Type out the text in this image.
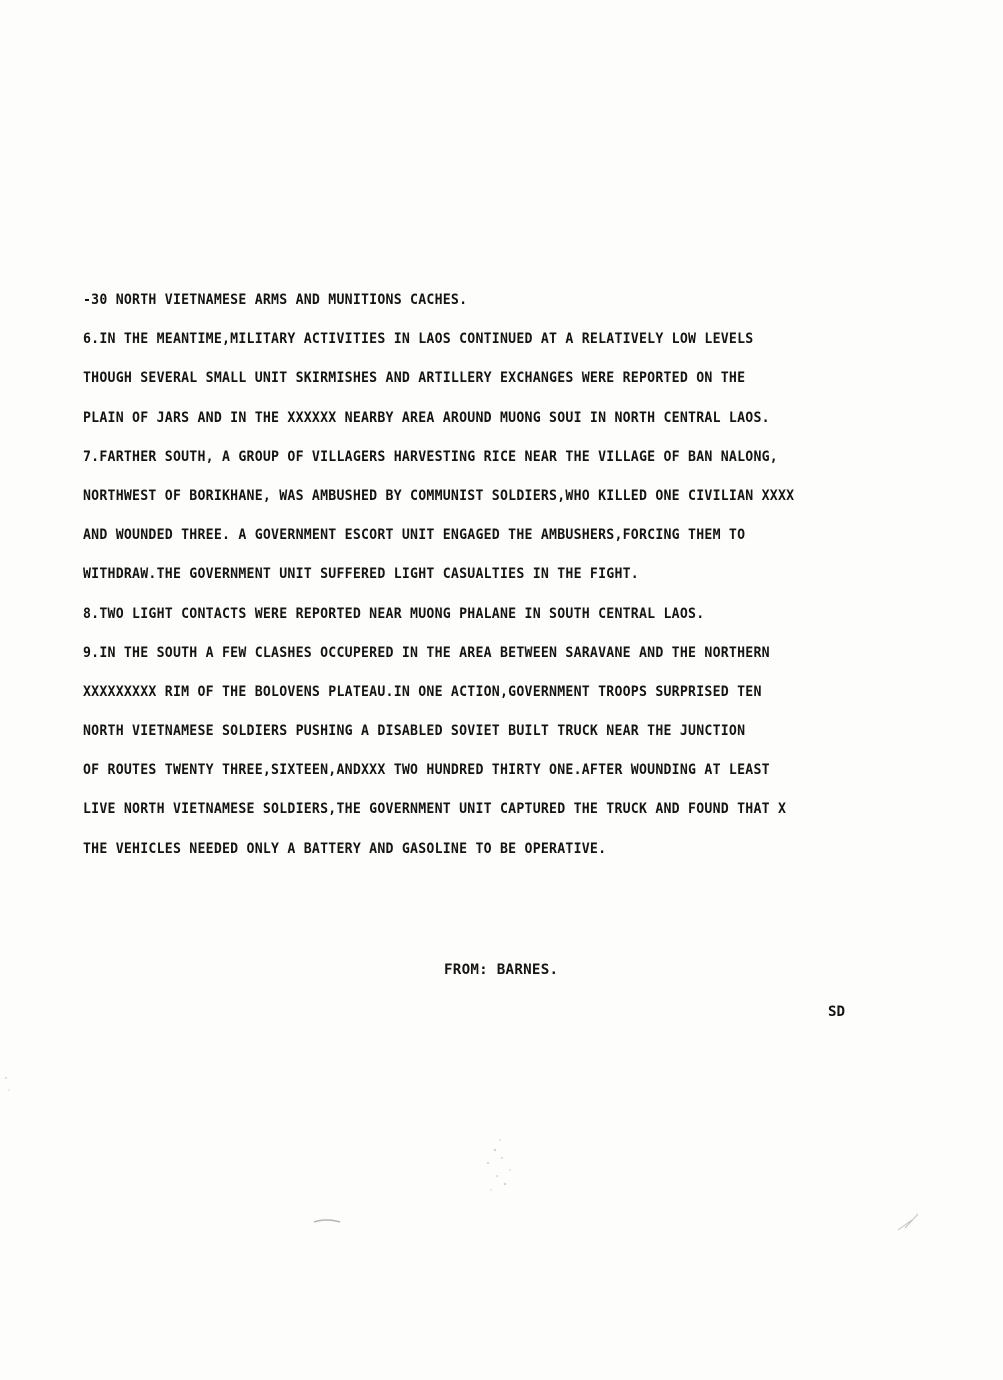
-30 NORTH VIETNAMESE ARMS AND MUNITIONS CACHES.
6.IN THE MEANTIME,MILITARY ACTIVITIES IN LAOS CONTINUED AT A RELATIVELY LOW LEVELS
THOUGH SEVERAL SMALL UNIT SKIRMISHES AND ARTILLERY EXCHANGES WERE REPORTED ON THE
PLAIN OF JARS AND IN THE XXXXXX NEARBY AREA AROUND MUONG SOUI IN NORTH CENTRAL LAOS.
7.FARTHER SOUTH, A GROUP OF VILLAGERS HARVESTING RICE NEAR THE VILLAGE OF BAN NALONG,
NORTHWEST OF BORIKHANE, WAS AMBUSHED BY COMMUNIST SOLDIERS,WHO KILLED ONE CIVILIAN XXXX
AND WOUNDED THREE. A GOVERNMENT ESCORT UNIT ENGAGED THE AMBUSHERS,FORCING THEM TO
WITHDRAW.THE GOVERNMENT UNIT SUFFERED LIGHT CASUALTIES IN THE FIGHT.
8.TWO LIGHT CONTACTS WERE REPORTED NEAR MUONG PHALANE IN SOUTH CENTRAL LAOS.
9.IN THE SOUTH A FEW CLASHES OCCUPERED IN THE AREA BETWEEN SARAVANE AND THE NORTHERN
XXXXXXXXX RIM OF THE BOLOVENS PLATEAU.IN ONE ACTION,GOVERNMENT TROOPS SURPRISED TEN
NORTH VIETNAMESE SOLDIERS PUSHING A DISABLED SOVIET BUILT TRUCK NEAR THE JUNCTION
OF ROUTES TWENTY THREE,SIXTEEN,ANDXXX TWO HUNDRED THIRTY ONE.AFTER WOUNDING AT LEAST
LIVE NORTH VIETNAMESE SOLDIERS,THE GOVERNMENT UNIT CAPTURED THE TRUCK AND FOUND THAT X
THE VEHICLES NEEDED ONLY A BATTERY AND GASOLINE TO BE OPERATIVE.
FROM: BARNES.
SD
